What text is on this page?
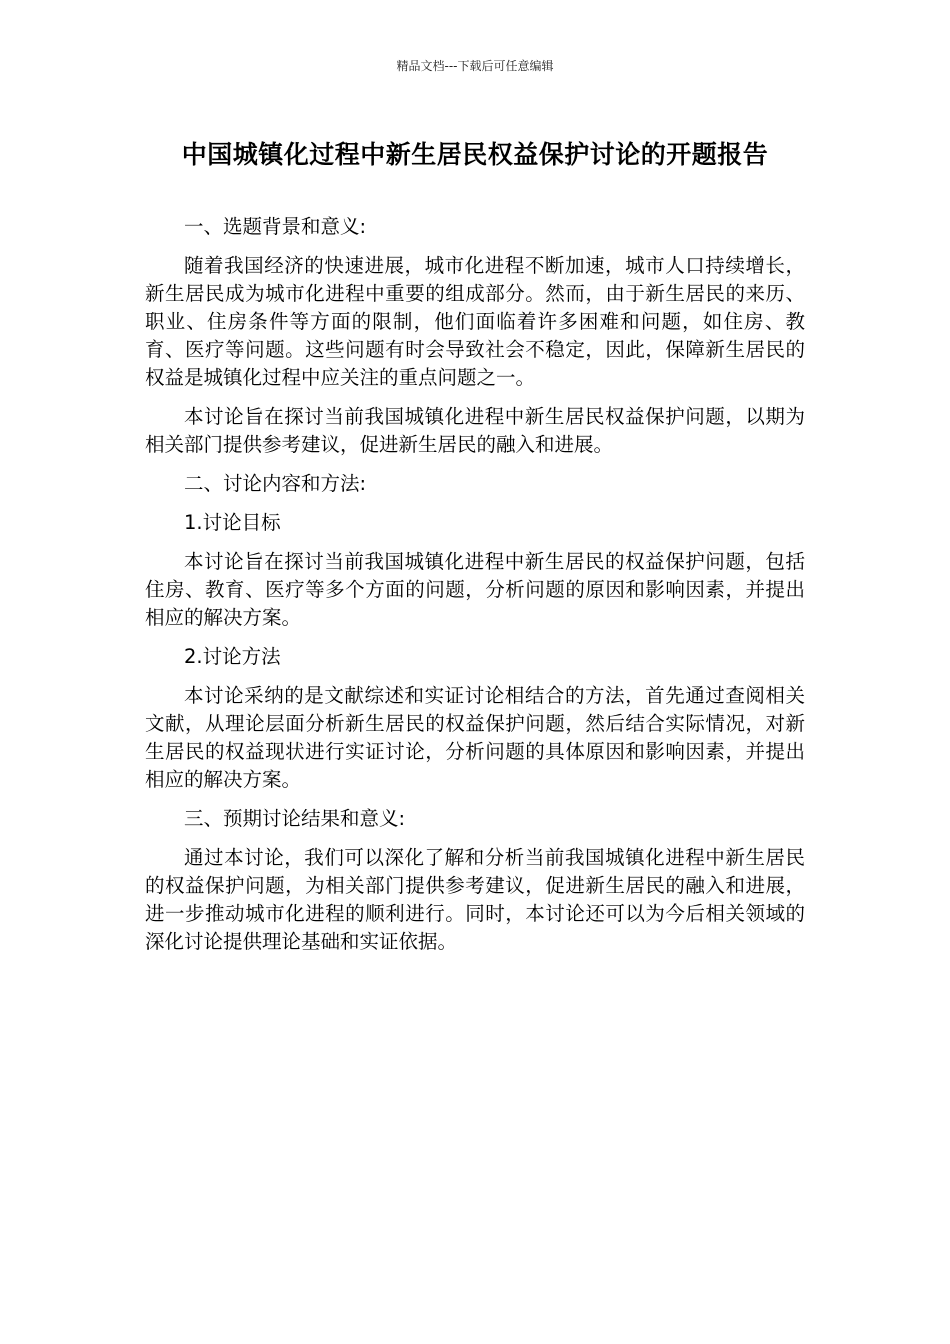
精品文档---下载后可任意编辑
中国城镇化过程中新生居民权益保护讨论的开题报告

一、选题背景和意义:

随着我国经济的快速进展，城市化进程不断加速，城市人口持续增长，新生居民成为城市化进程中重要的组成部分。然而，由于新生居民的来历、职业、住房条件等方面的限制，他们面临着许多困难和问题，如住房、教育、医疗等问题。这些问题有时会导致社会不稳定，因此，保障新生居民的权益是城镇化过程中应关注的重点问题之一。

本讨论旨在探讨当前我国城镇化进程中新生居民权益保护问题，以期为相关部门提供参考建议，促进新生居民的融入和进展。

二、讨论内容和方法:

1.讨论目标

本讨论旨在探讨当前我国城镇化进程中新生居民的权益保护问题，包括住房、教育、医疗等多个方面的问题，分析问题的原因和影响因素，并提出相应的解决方案。

2.讨论方法

本讨论采纳的是文献综述和实证讨论相结合的方法，首先通过查阅相关文献，从理论层面分析新生居民的权益保护问题，然后结合实际情况，对新生居民的权益现状进行实证讨论，分析问题的具体原因和影响因素，并提出相应的解决方案。

三、预期讨论结果和意义:

通过本讨论，我们可以深化了解和分析当前我国城镇化进程中新生居民的权益保护问题，为相关部门提供参考建议，促进新生居民的融入和进展，进一步推动城市化进程的顺利进行。同时，本讨论还可以为今后相关领域的深化讨论提供理论基础和实证依据。
